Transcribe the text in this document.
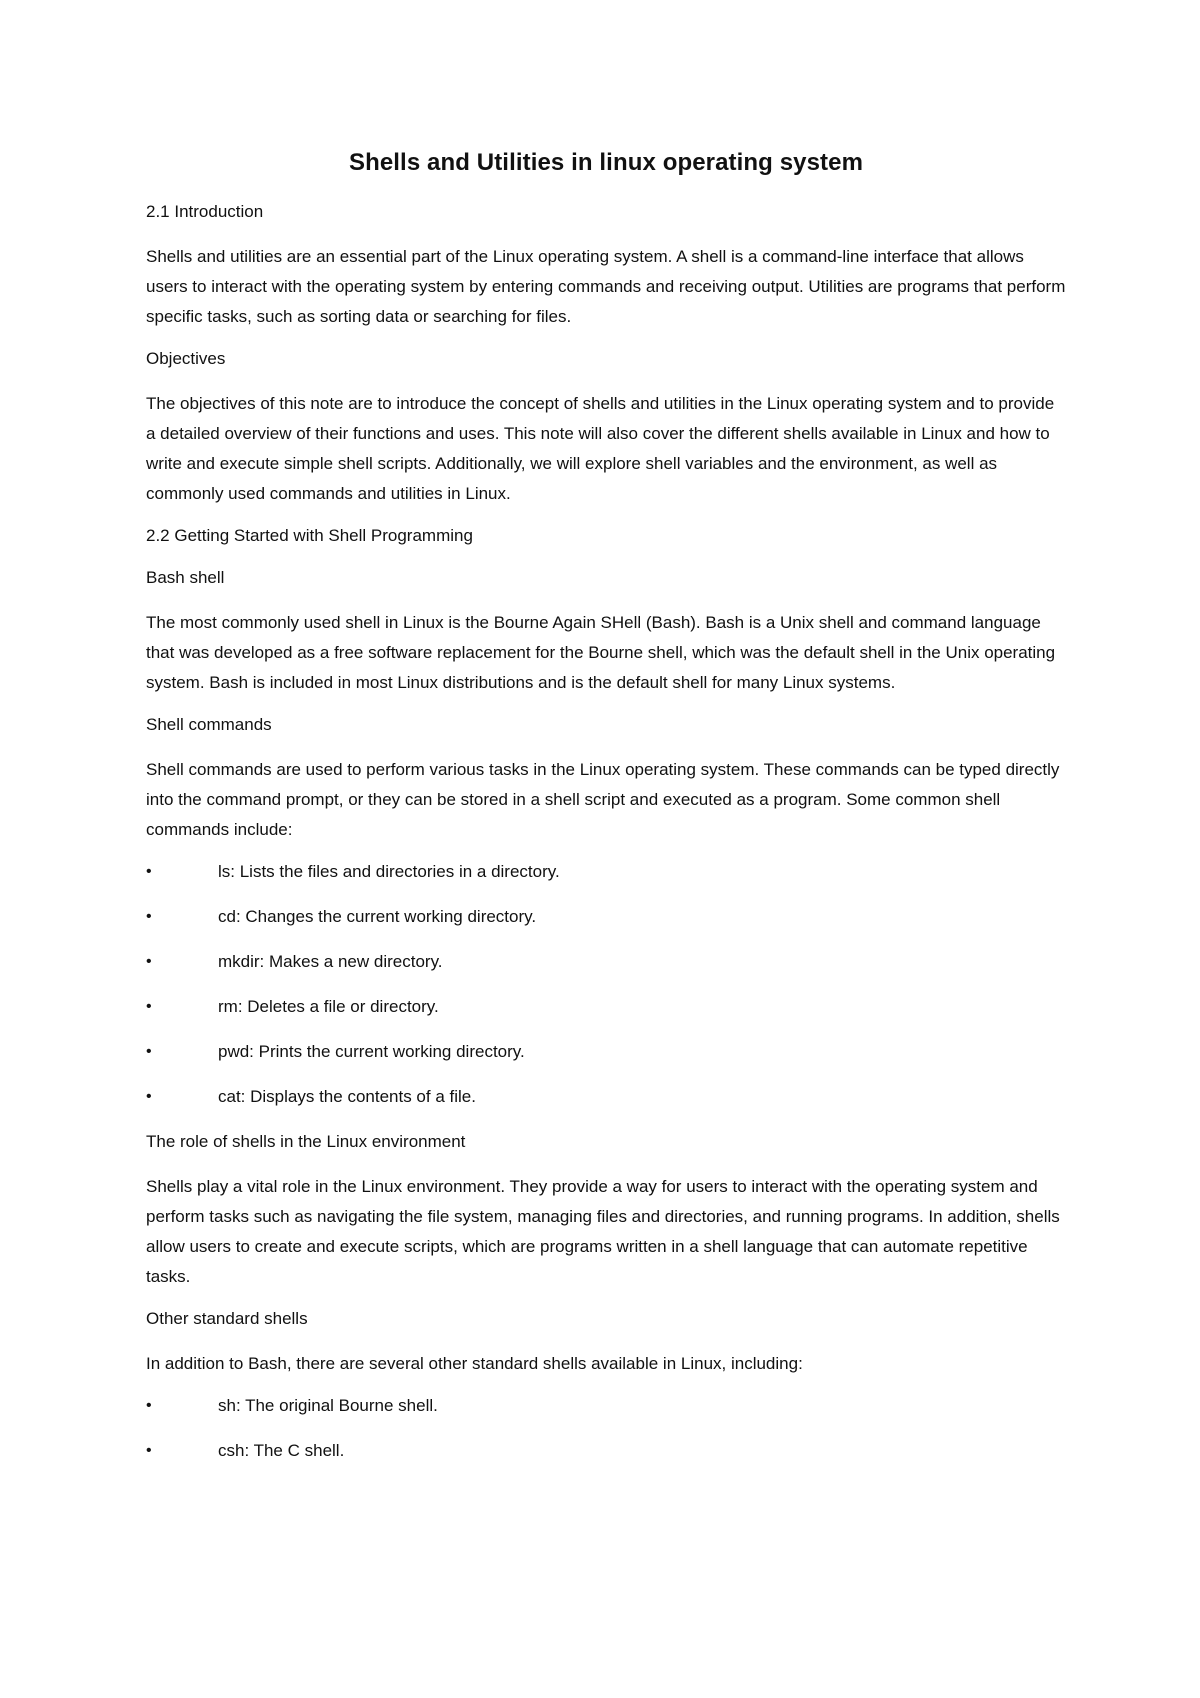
Shells and Utilities in linux operating system
2.1 Introduction

Shells and utilities are an essential part of the Linux operating system. A shell is a command-line interface that allows users to interact with the operating system by entering commands and receiving output. Utilities are programs that perform specific tasks, such as sorting data or searching for files.

Objectives

The objectives of this note are to introduce the concept of shells and utilities in the Linux operating system and to provide a detailed overview of their functions and uses. This note will also cover the different shells available in Linux and how to write and execute simple shell scripts. Additionally, we will explore shell variables and the environment, as well as commonly used commands and utilities in Linux.

2.2 Getting Started with Shell Programming
Bash shell

The most commonly used shell in Linux is the Bourne Again SHell (Bash). Bash is a Unix shell and command language that was developed as a free software replacement for the Bourne shell, which was the default shell in the Unix operating system. Bash is included in most Linux distributions and is the default shell for many Linux systems.

Shell commands

Shell commands are used to perform various tasks in the Linux operating system. These commands can be typed directly into the command prompt, or they can be stored in a shell script and executed as a program. Some common shell commands include:

•	ls: Lists the files and directories in a directory.
•	cd: Changes the current working directory.
•	mkdir: Makes a new directory.
•	rm: Deletes a file or directory.
•	pwd: Prints the current working directory.
•	cat: Displays the contents of a file.
The role of shells in the Linux environment

Shells play a vital role in the Linux environment. They provide a way for users to interact with the operating system and perform tasks such as navigating the file system, managing files and directories, and running programs. In addition, shells allow users to create and execute scripts, which are programs written in a shell language that can automate repetitive tasks.

Other standard shells

In addition to Bash, there are several other standard shells available in Linux, including:

•	sh: The original Bourne shell.
•	csh: The C shell.
